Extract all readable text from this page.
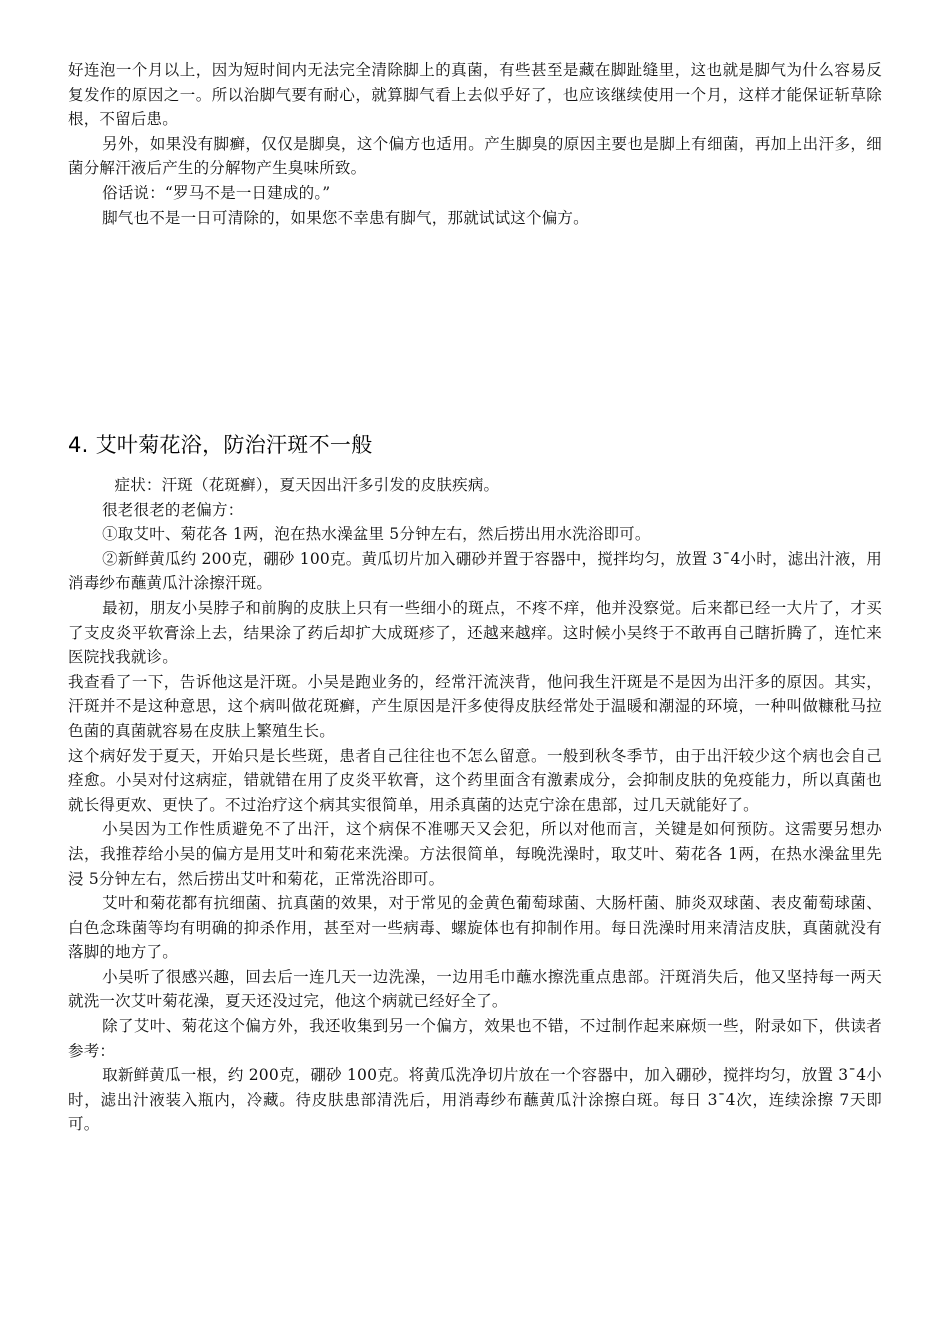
好连泡一个月以上，因为短时间内无法完全清除脚上的真菌，有些甚至是藏在脚趾缝里，这也就是脚气为什么容易反复发作的原因之一。所以治脚气要有耐心，就算脚气看上去似乎好了，也应该继续使用一个月，这样才能保证斩草除根，不留后患。

另外，如果没有脚癣，仅仅是脚臭，这个偏方也适用。产生脚臭的原因主要也是脚上有细菌，再加上出汗多，细菌分解汗液后产生的分解物产生臭味所致。

俗话说：“罗马不是一日建成的。”

脚气也不是一日可清除的，如果您不幸患有脚气，那就试试这个偏方。

4. 艾叶菊花浴，防治汗斑不一般

症状：汗斑（花斑癣），夏天因出汗多引发的皮肤疾病。

很老很老的老偏方：

①取艾叶、菊花各 1两，泡在热水澡盆里 5分钟左右，然后捞出用水洗浴即可。

②新鲜黄瓜约 200克，硼砂 100克。黄瓜切片加入硼砂并置于容器中，搅拌均匀，放置 3¯4小时，滤出汁液，用消毒纱布蘸黄瓜汁涂擦汗斑。

最初，朋友小吴脖子和前胸的皮肤上只有一些细小的斑点，不疼不痒，他并没察觉。后来都已经一大片了，才买了支皮炎平软膏涂上去，结果涂了药后却扩大成斑疹了，还越来越痒。这时候小吴终于不敢再自己瞎折腾了，连忙来医院找我就诊。

我查看了一下，告诉他这是汗斑。小吴是跑业务的，经常汗流浃背，他问我生汗斑是不是因为出汗多的原因。其实，汗斑并不是这种意思，这个病叫做花斑癣，产生原因是汗多使得皮肤经常处于温暖和潮湿的环境，一种叫做糠秕马拉色菌的真菌就容易在皮肤上繁殖生长。

这个病好发于夏天，开始只是长些斑，患者自己往往也不怎么留意。一般到秋冬季节，由于出汗较少这个病也会自己痊愈。小吴对付这病症，错就错在用了皮炎平软膏，这个药里面含有激素成分，会抑制皮肤的免疫能力，所以真菌也就长得更欢、更快了。不过治疗这个病其实很简单，用杀真菌的达克宁涂在患部，过几天就能好了。

小吴因为工作性质避免不了出汗，这个病保不准哪天又会犯，所以对他而言，关键是如何预防。这需要另想办法，我推荐给小吴的偏方是用艾叶和菊花来洗澡。方法很简单，每晚洗澡时，取艾叶、菊花各 1两，在热水澡盆里先浸 5分钟左右，然后捞出艾叶和菊花，正常洗浴即可。

艾叶和菊花都有抗细菌、抗真菌的效果，对于常见的金黄色葡萄球菌、大肠杆菌、肺炎双球菌、表皮葡萄球菌、白色念珠菌等均有明确的抑杀作用，甚至对一些病毒、螺旋体也有抑制作用。每日洗澡时用来清洁皮肤，真菌就没有落脚的地方了。

小吴听了很感兴趣，回去后一连几天一边洗澡，一边用毛巾蘸水擦洗重点患部。汗斑消失后，他又坚持每一两天就洗一次艾叶菊花澡，夏天还没过完，他这个病就已经好全了。

除了艾叶、菊花这个偏方外，我还收集到另一个偏方，效果也不错，不过制作起来麻烦一些，附录如下，供读者参考：

取新鲜黄瓜一根，约 200克，硼砂 100克。将黄瓜洗净切片放在一个容器中，加入硼砂，搅拌均匀，放置 3¯4小时，滤出汁液装入瓶内，冷藏。待皮肤患部清洗后，用消毒纱布蘸黄瓜汁涂擦白斑。每日 3¯4次，连续涂擦 7天即可。
